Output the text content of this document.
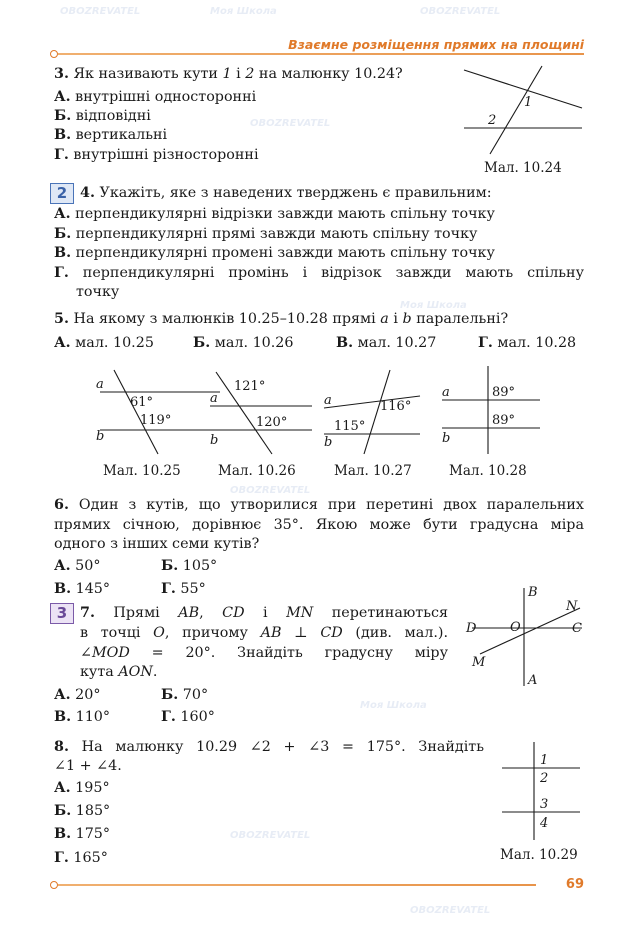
Моя Школа
OBOZREVATEL	OBOZREVATEL
OBOZREVATEL
Моя Школа
OBOZREVATEL
Моя Школа
OBOZREVATEL
OBOZREVATEL
Взаємне розміщення прямих на площині
3. Як називають кути 1 і 2 на малюнку 10.24?
А. внутрішні односторонні
Б. відповідні
В. вертикальні
Г. внутрішні різносторонні
1
2
Мал. 10.24
2 4. Укажіть, яке з наведених тверджень є правильним:
А. перпендикулярні відрізки завжди мають спільну точку
Б. перпендикулярні прямі завжди мають спільну точку
В. перпендикулярні промені завжди мають спільну точку
Г. перпендикулярні промінь і відрізок завжди мають спільну
точку
5. На якому з малюнків 10.25–10.28 прямі a і b паралельні?
А. мал. 10.25	Б. мал. 10.26	В. мал. 10.27	Г. мал. 10.28
a
b
61°
119°
Мал. 10.25
a
b
121°
120°
Мал. 10.26
a
b
116°
115°
Мал. 10.27
a
b
89°
89°
Мал. 10.28
6. Один з кутів, що утворилися при перетині двох паралельних
прямих січною, дорівнює 35°. Якою може бути градусна міра
одного з інших семи кутів?
А. 50°	Б. 105°
В. 145°	Г. 55°
3 7. Прямі AB, CD і MN перетинаються
в точці O, причому AB ⊥ CD (див. мал.).
∠MOD = 20°. Знайдіть градусну міру
кута AON.
А. 20°	Б. 70°
В. 110°	Г. 160°
B
N
D	O	C
M
A
8. На малюнку 10.29 ∠2 + ∠3 = 175°. Знайдіть
∠1 + ∠4.
А. 195°
Б. 185°
В. 175°
Г. 165°
1
2
3
4
Мал. 10.29
69
